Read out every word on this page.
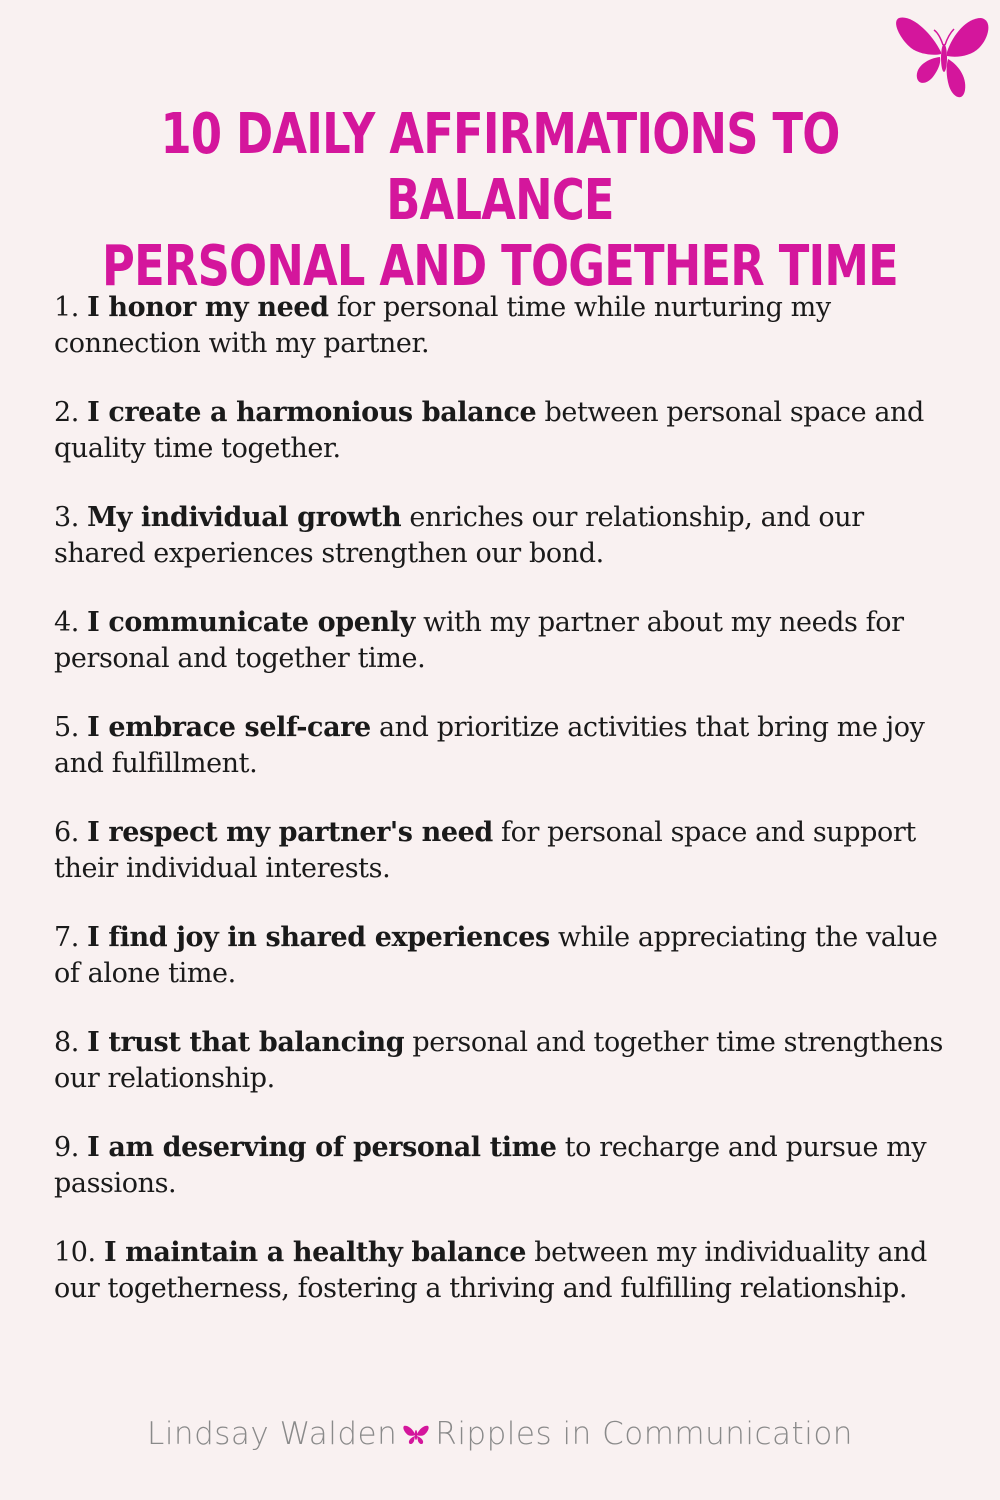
10 DAILY AFFIRMATIONS TO BALANCE
PERSONAL AND TOGETHER TIME
1. I honor my need for personal time while nurturing my connection with my partner.
2. I create a harmonious balance between personal space and quality time together.
3. My individual growth enriches our relationship, and our shared experiences strengthen our bond.
4. I communicate openly with my partner about my needs for personal and together time.
5. I embrace self-care and prioritize activities that bring me joy and fulfillment.
6. I respect my partner's need for personal space and support their individual interests.
7. I find joy in shared experiences while appreciating the value of alone time.
8. I trust that balancing personal and together time strengthens our relationship.
9. I am deserving of personal time to recharge and pursue my passions.
10. I maintain a healthy balance between my individuality and our togetherness, fostering a thriving and fulfilling relationship.
Lindsay Walden Ripples in Communication
